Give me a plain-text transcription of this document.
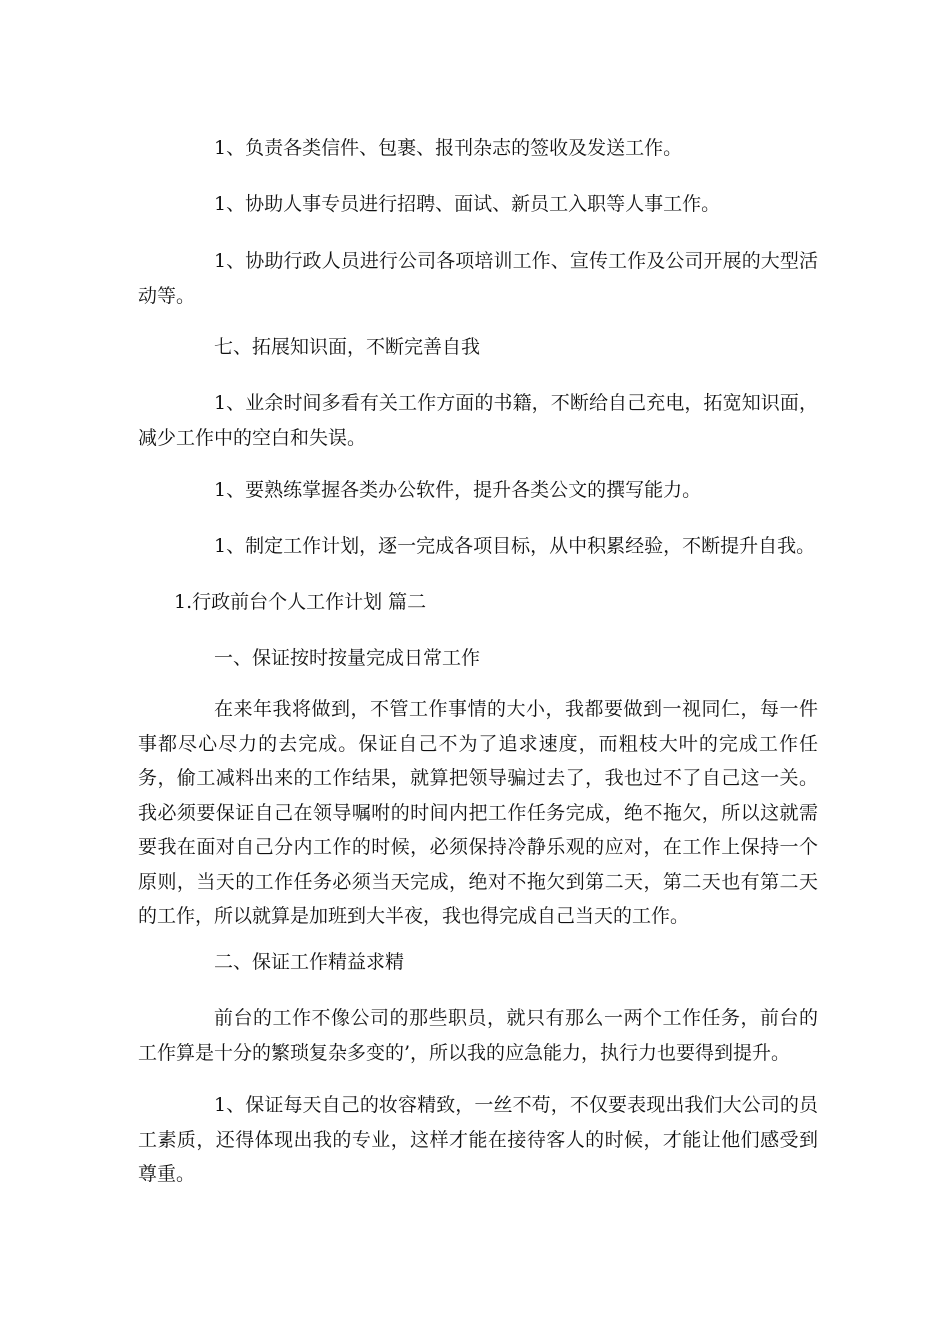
1、负责各类信件、包裹、报刊杂志的签收及发送工作。

1、协助人事专员进行招聘、面试、新员工入职等人事工作。

1、协助行政人员进行公司各项培训工作、宣传工作及公司开展的大型活动等。

七、拓展知识面，不断完善自我

1、业余时间多看有关工作方面的书籍，不断给自己充电，拓宽知识面，减少工作中的空白和失误。

1、要熟练掌握各类办公软件，提升各类公文的撰写能力。

1、制定工作计划，逐一完成各项目标，从中积累经验，不断提升自我。

1.行政前台个人工作计划 篇二

一、保证按时按量完成日常工作

在来年我将做到，不管工作事情的大小，我都要做到一视同仁，每一件事都尽心尽力的去完成。保证自己不为了追求速度，而粗枝大叶的完成工作任务，偷工减料出来的工作结果，就算把领导骗过去了，我也过不了自己这一关。我必须要保证自己在领导嘱咐的时间内把工作任务完成，绝不拖欠，所以这就需要我在面对自己分内工作的时候，必须保持冷静乐观的应对，在工作上保持一个原则，当天的工作任务必须当天完成，绝对不拖欠到第二天，第二天也有第二天的工作，所以就算是加班到大半夜，我也得完成自己当天的工作。

二、保证工作精益求精

前台的工作不像公司的那些职员，就只有那么一两个工作任务，前台的工作算是十分的繁琐复杂多变的’，所以我的应急能力，执行力也要得到提升。

1、保证每天自己的妆容精致，一丝不苟，不仅要表现出我们大公司的员工素质，还得体现出我的专业，这样才能在接待客人的时候，才能让他们感受到尊重。
